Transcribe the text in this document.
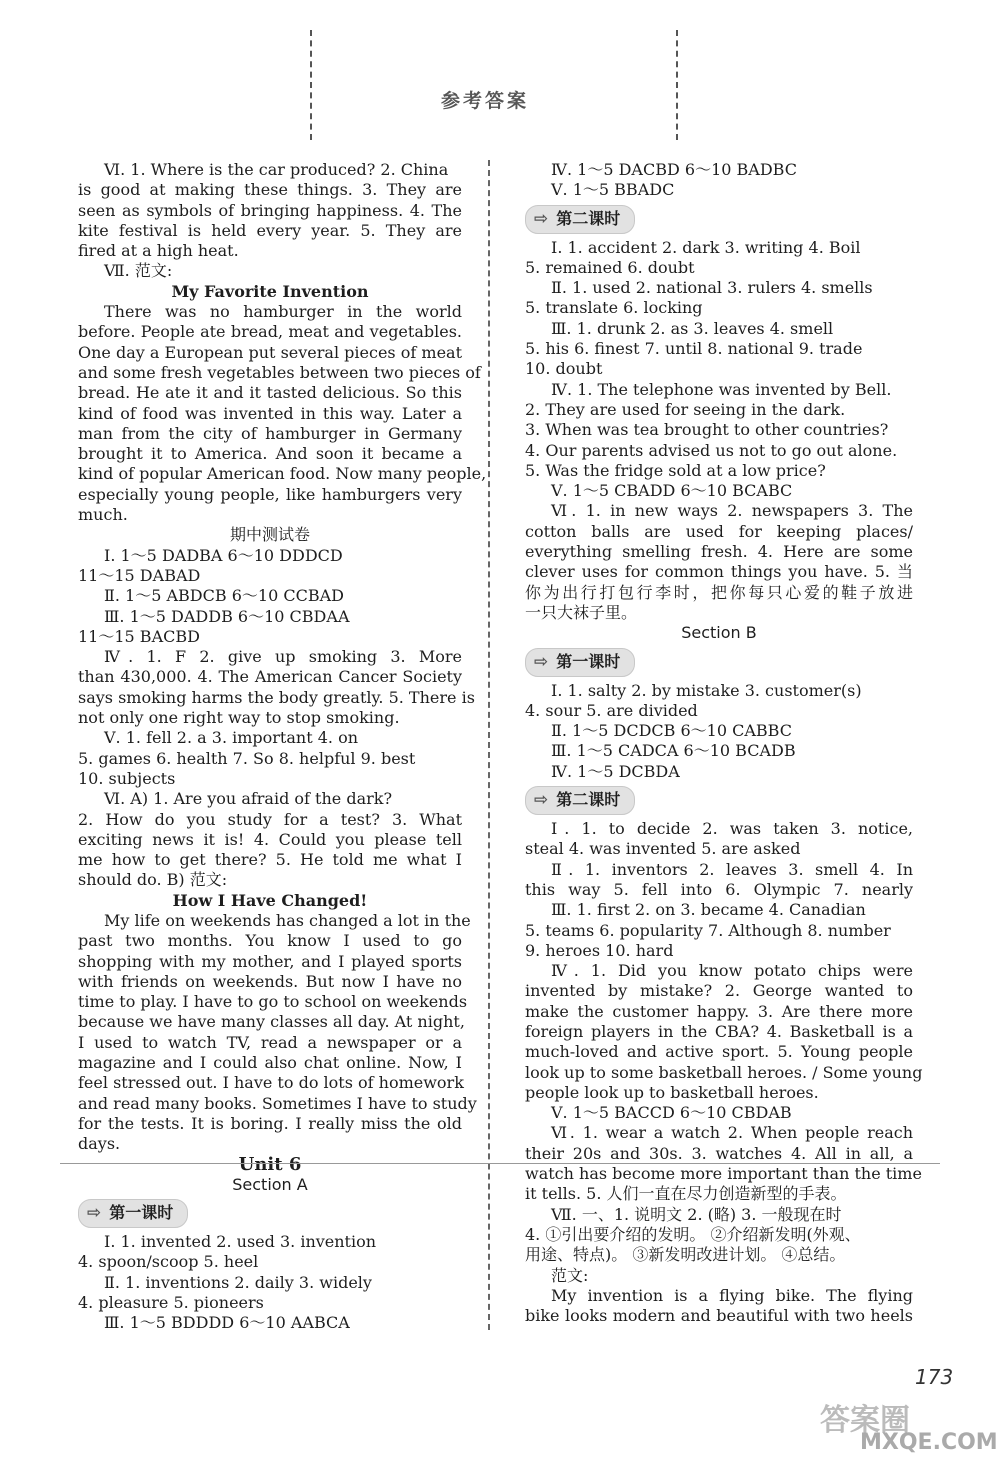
参考答案
Ⅵ. 1. Where is the car produced? 2. China
is good at making these things. 3. They are
seen as symbols of bringing happiness. 4. The
kite festival is held every year. 5. They are
fired at a high heat.
Ⅶ. 范文:
My Favorite Invention
There was no hamburger in the world
before. People ate bread, meat and vegetables.
One day a European put several pieces of meat
and some fresh vegetables between two pieces of
bread. He ate it and it tasted delicious. So this
kind of food was invented in this way. Later a
man from the city of hamburger in Germany
brought it to America. And soon it became a
kind of popular American food. Now many people,
especially young people, like hamburgers very
much.
期中测试卷
Ⅰ. 1～5 DADBA 6～10 DDDCD
11～15 DABAD
Ⅱ. 1～5 ABDCB 6～10 CCBAD
Ⅲ. 1～5 DADDB 6～10 CBDAA
11～15 BACBD
Ⅳ. 1. F 2. give up smoking 3. More
than 430,000. 4. The American Cancer Society
says smoking harms the body greatly. 5. There is
not only one right way to stop smoking.
Ⅴ. 1. fell 2. a 3. important 4. on
5. games 6. health 7. So 8. helpful 9. best
10. subjects
Ⅵ. A) 1. Are you afraid of the dark?
2. How do you study for a test? 3. What
exciting news it is! 4. Could you please tell
me how to get there? 5. He told me what I
should do. B) 范文:
How I Have Changed!
My life on weekends has changed a lot in the
past two months. You know I used to go
shopping with my mother, and I played sports
with friends on weekends. But now I have no
time to play. I have to go to school on weekends
because we have many classes all day. At night,
I used to watch TV, read a newspaper or a
magazine and I could also chat online. Now, I
feel stressed out. I have to do lots of homework
and read many books. Sometimes I have to study
for the tests. It is boring. I really miss the old
days.
Unit 6
Section A
⇨ 第一课时
Ⅰ. 1. invented 2. used 3. invention
4. spoon/scoop 5. heel
Ⅱ. 1. inventions 2. daily 3. widely
4. pleasure 5. pioneers
Ⅲ. 1～5 BDDDD 6～10 AABCA
Ⅳ. 1～5 DACBD 6～10 BADBC
Ⅴ. 1～5 BBADC
⇨ 第二课时
Ⅰ. 1. accident 2. dark 3. writing 4. Boil
5. remained 6. doubt
Ⅱ. 1. used 2. national 3. rulers 4. smells
5. translate 6. locking
Ⅲ. 1. drunk 2. as 3. leaves 4. smell
5. his 6. finest 7. until 8. national 9. trade
10. doubt
Ⅳ. 1. The telephone was invented by Bell.
2. They are used for seeing in the dark.
3. When was tea brought to other countries?
4. Our parents advised us not to go out alone.
5. Was the fridge sold at a low price?
Ⅴ. 1～5 CBADD 6～10 BCABC
Ⅵ. 1. in new ways 2. newspapers 3. The
cotton balls are used for keeping places/
everything smelling fresh. 4. Here are some
clever uses for common things you have. 5. 当
你为出行打包行李时，把你每只心爱的鞋子放进
一只大袜子里。
Section B
⇨ 第一课时
Ⅰ. 1. salty 2. by mistake 3. customer(s)
4. sour 5. are divided
Ⅱ. 1～5 DCDCB 6～10 CABBC
Ⅲ. 1～5 CADCA 6～10 BCADB
Ⅳ. 1～5 DCBDA
⇨ 第二课时
Ⅰ. 1. to decide 2. was taken 3. notice,
steal 4. was invented 5. are asked
Ⅱ. 1. inventors 2. leaves 3. smell 4. In
this way 5. fell into 6. Olympic 7. nearly
Ⅲ. 1. first 2. on 3. became 4. Canadian
5. teams 6. popularity 7. Although 8. number
9. heroes 10. hard
Ⅳ. 1. Did you know potato chips were
invented by mistake? 2. George wanted to
make the customer happy. 3. Are there more
foreign players in the CBA? 4. Basketball is a
much-loved and active sport. 5. Young people
look up to some basketball heroes. / Some young
people look up to basketball heroes.
Ⅴ. 1～5 BACCD 6～10 CBDAB
Ⅵ. 1. wear a watch 2. When people reach
their 20s and 30s. 3. watches 4. All in all, a
watch has become more important than the time
it tells. 5. 人们一直在尽力创造新型的手表。
Ⅶ. 一、1. 说明文 2. (略) 3. 一般现在时
4. ①引出要介绍的发明。 ②介绍新发明(外观、
用途、特点)。 ③新发明改进计划。 ④总结。
范文:
My invention is a flying bike. The flying
bike looks modern and beautiful with two heels
答案圈
173
MXQE.COM
